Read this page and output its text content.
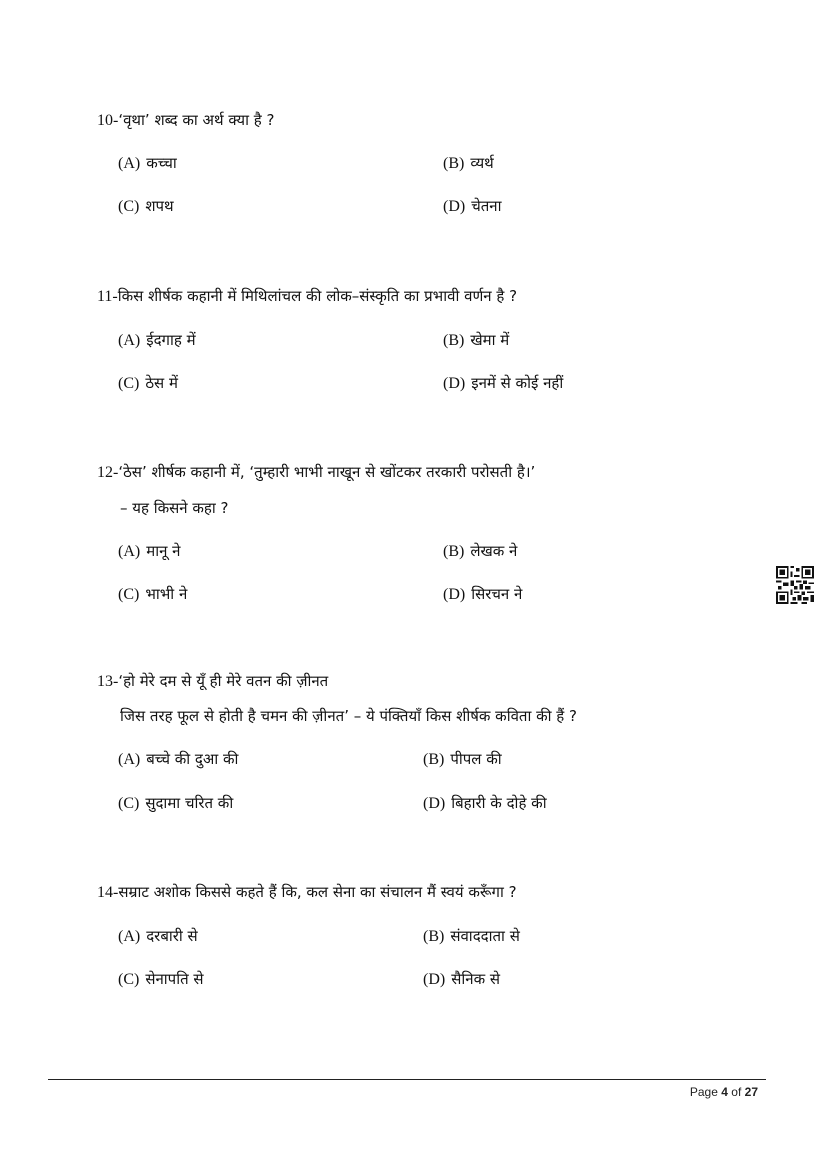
10-‘वृथा’ शब्द का अर्थ क्या है ?
(A) कच्चा	(B) व्यर्थ
(C) शपथ	(D) चेतना
11-किस शीर्षक कहानी में मिथिलांचल की लोक–संस्कृति का प्रभावी वर्णन है ?
(A) ईदगाह में	(B) खेमा में
(C) ठेस में	(D) इनमें से कोई नहीं
12-‘ठेस’ शीर्षक कहानी में, ‘तुम्हारी भाभी नाखून से खोंटकर तरकारी परोसती है।’
– यह किसने कहा ?
(A) मानू ने	(B) लेखक ने
(C) भाभी ने	(D) सिरचन ने
13-‘हो मेरे दम से यूँ ही मेरे वतन की ज़ीनत
जिस तरह फूल से होती है चमन की ज़ीनत’ – ये पंक्तियाँ किस शीर्षक कविता की हैं ?
(A) बच्चे की दुआ की	(B) पीपल की
(C) सुदामा चरित की	(D) बिहारी के दोहे की
14-सम्राट अशोक किससे कहते हैं कि, कल सेना का संचालन मैं स्वयं करूँगा ?
(A) दरबारी से	(B) संवाददाता से
(C) सेनापति से	(D) सैनिक से
Page 4 of 27
